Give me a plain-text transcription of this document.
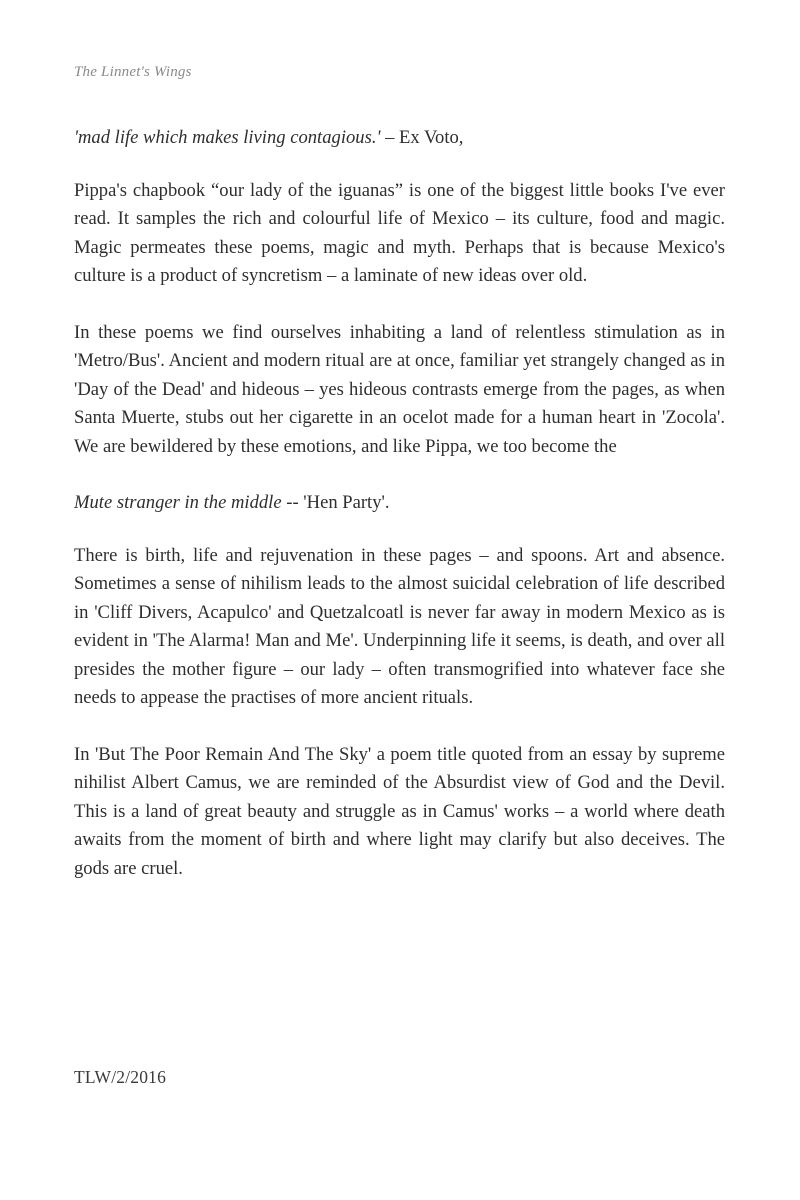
The Linnet's Wings

'mad life which makes living contagious.' – Ex Voto,

Pippa's chapbook “our lady of the iguanas” is one of the biggest little books I've ever read. It samples the rich and colourful life of Mexico – its culture, food and magic. Magic permeates these poems, magic and myth. Perhaps that is because Mexico's culture is a product of syncretism – a laminate of new ideas over old.

In these poems we find ourselves inhabiting a land of relentless stimulation as in 'Metro/Bus'. Ancient and modern ritual are at once, familiar yet strangely changed as in 'Day of the Dead' and hideous – yes hideous contrasts emerge from the pages, as when Santa Muerte, stubs out her cigarette in an ocelot made for a human heart in 'Zocola'. We are bewildered by these emotions, and like Pippa, we too become the

Mute stranger in the middle -- 'Hen Party'.

There is birth, life and rejuvenation in these pages – and spoons. Art and absence. Sometimes a sense of nihilism leads to the almost suicidal celebration of life described in 'Cliff Divers, Acapulco' and Quetzalcoatl is never far away in modern Mexico as is evident in 'The Alarma! Man and Me'. Underpinning life it seems, is death, and over all presides the mother figure – our lady – often transmogrified into whatever face she needs to appease the practises of more ancient rituals.

In 'But The Poor Remain And The Sky' a poem title quoted from an essay by supreme nihilist Albert Camus, we are reminded of the Absurdist view of God and the Devil. This is a land of great beauty and struggle as in Camus' works – a world where death awaits from the moment of birth and where light may clarify but also deceives. The gods are cruel.

TLW/2/2016
